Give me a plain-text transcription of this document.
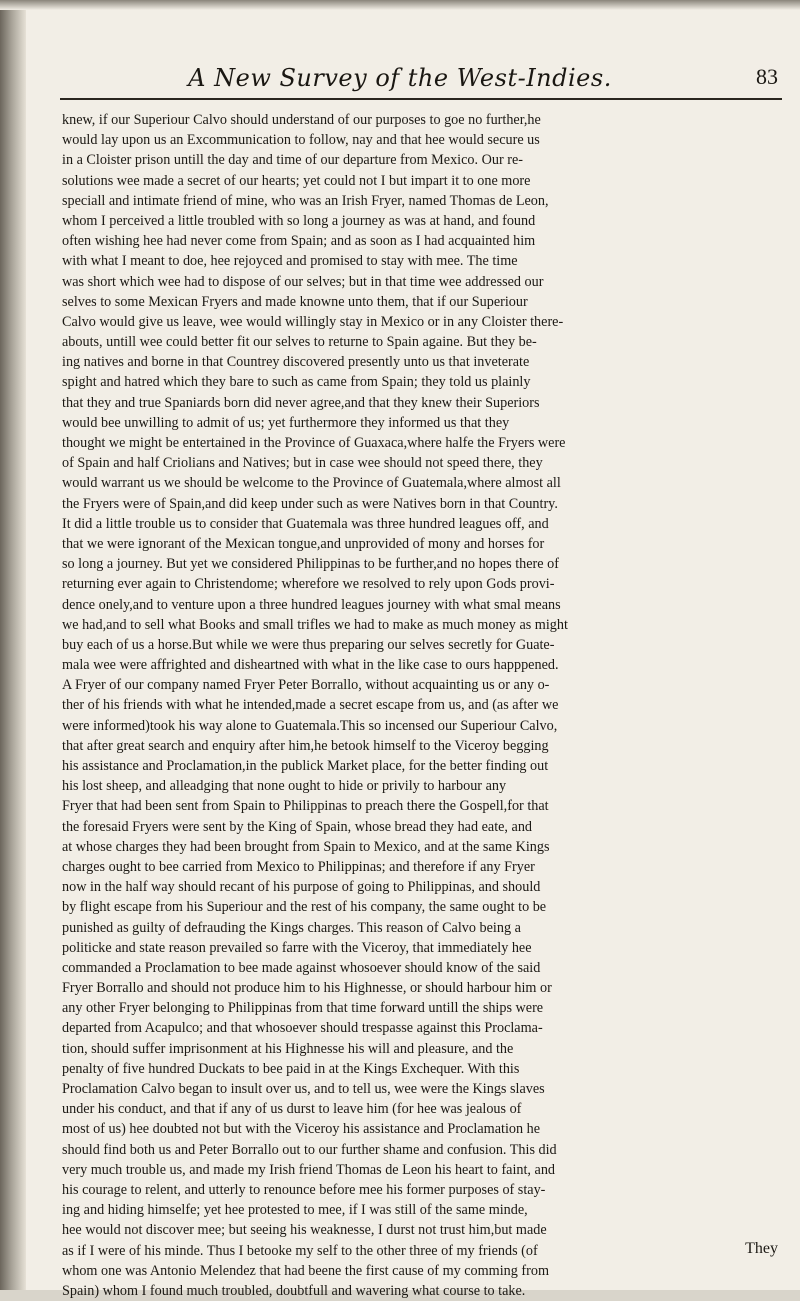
A New Survey of the West-Indies.	83
knew, if our Superiour Calvo should understand of our purposes to goe no further,he
would lay upon us an Excommunication to follow, nay and that hee would secure us
in a Cloister prison untill the day and time of our departure from Mexico. Our re-
solutions wee made a secret of our hearts; yet could not I but impart it to one more
speciall and intimate friend of mine, who was an Irish Fryer, named Thomas de Leon,
whom I perceived a little troubled with so long a journey as was at hand, and found
often wishing hee had never come from Spain; and as soon as I had acquainted him
with what I meant to doe, hee rejoyced and promised to stay with mee. The time
was short which wee had to dispose of our selves; but in that time wee addressed our
selves to some Mexican Fryers and made knowne unto them, that if our Superiour
Calvo would give us leave, wee would willingly stay in Mexico or in any Cloister there-
abouts, untill wee could better fit our selves to returne to Spain againe. But they be-
ing natives and borne in that Countrey discovered presently unto us that inveterate
spight and hatred which they bare to such as came from Spain; they told us plainly
that they and true Spaniards born did never agree,and that they knew their Superiors
would bee unwilling to admit of us; yet furthermore they informed us that they
thought we might be entertained in the Province of Guaxaca,where halfe the Fryers were
of Spain and half Criolians and Natives; but in case wee should not speed there, they
would warrant us we should be welcome to the Province of Guatemala,where almost all
the Fryers were of Spain,and did keep under such as were Natives born in that Country.
It did a little trouble us to consider that Guatemala was three hundred leagues off, and
that we were ignorant of the Mexican tongue,and unprovided of mony and horses for
so long a journey. But yet we considered Philippinas to be further,and no hopes there of
returning ever again to Christendome; wherefore we resolved to rely upon Gods provi-
dence onely,and to venture upon a three hundred leagues journey with what smal means
we had,and to sell what Books and small trifles we had to make as much money as might
buy each of us a horse.But while we were thus preparing our selves secretly for Guate-
mala wee were affrighted and disheartned with what in the like case to ours happpened.
A Fryer of our company named Fryer Peter Borrallo, without acquainting us or any o-
ther of his friends with what he intended,made a secret escape from us, and (as after we
were informed)took his way alone to Guatemala.This so incensed our Superiour Calvo,
that after great search and enquiry after him,he betook himself to the Viceroy begging
his assistance and Proclamation,in the publick Market place, for the better finding out
his lost sheep, and alleadging that none ought to hide or privily to harbour any
Fryer that had been sent from Spain to Philippinas to preach there the Gospell,for that
the foresaid Fryers were sent by the King of Spain, whose bread they had eate, and
at whose charges they had been brought from Spain to Mexico, and at the same Kings
charges ought to bee carried from Mexico to Philippinas; and therefore if any Fryer
now in the half way should recant of his purpose of going to Philippinas, and should
by flight escape from his Superiour and the rest of his company, the same ought to be
punished as guilty of defrauding the Kings charges. This reason of Calvo being a
politicke and state reason prevailed so farre with the Viceroy, that immediately hee
commanded a Proclamation to bee made against whosoever should know of the said
Fryer Borrallo and should not produce him to his Highnesse, or should harbour him or
any other Fryer belonging to Philippinas from that time forward untill the ships were
departed from Acapulco; and that whosoever should trespasse against this Proclama-
tion, should suffer imprisonment at his Highnesse his will and pleasure, and the
penalty of five hundred Duckats to bee paid in at the Kings Exchequer. With this
Proclamation Calvo began to insult over us, and to tell us, wee were the Kings slaves
under his conduct, and that if any of us durst to leave him (for hee was jealous of
most of us) hee doubted not but with the Viceroy his assistance and Proclamation he
should find both us and Peter Borrallo out to our further shame and confusion. This did
very much trouble us, and made my Irish friend Thomas de Leon his heart to faint, and
his courage to relent, and utterly to renounce before mee his former purposes of stay-
ing and hiding himselfe; yet hee protested to mee, if I was still of the same minde,
hee would not discover mee; but seeing his weaknesse, I durst not trust him,but made
as if I were of his minde. Thus I betooke my self to the other three of my friends (of
whom one was Antonio Melendez that had beene the first cause of my comming from
Spain) whom I found much troubled, doubtfull and wavering what course to take.
They
